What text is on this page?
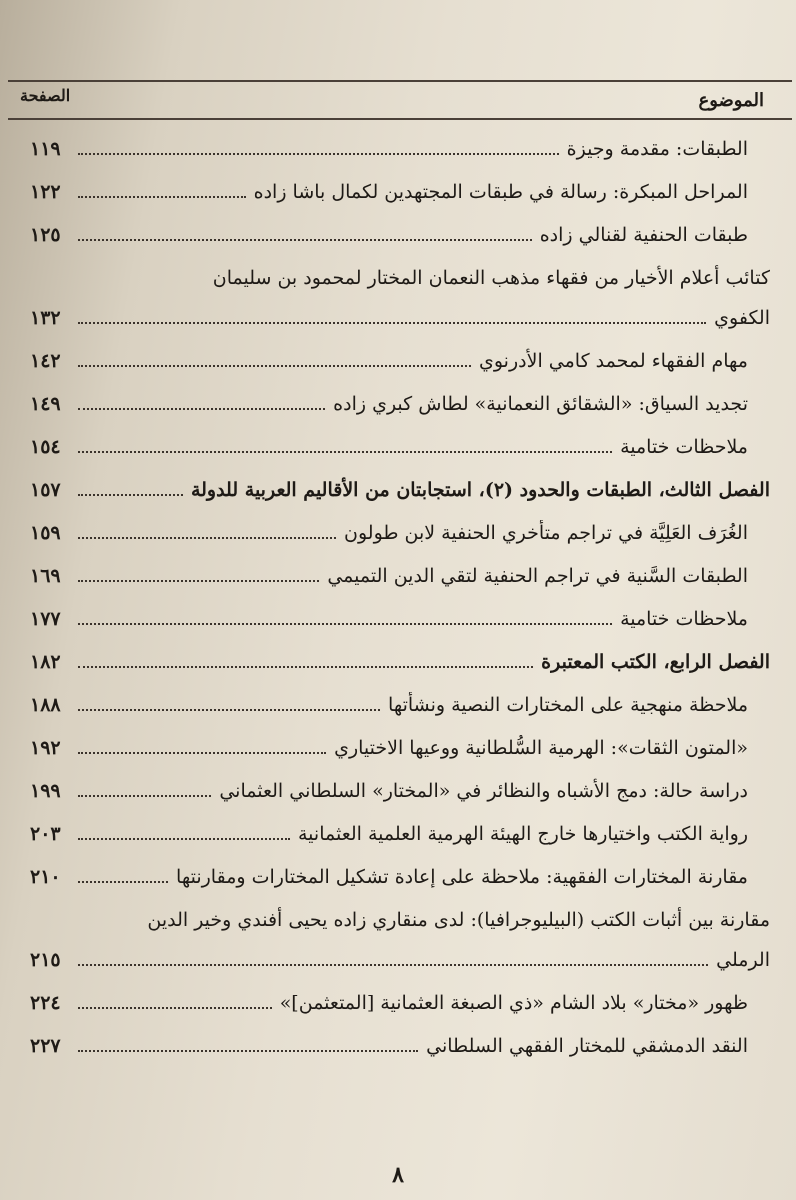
الموضوع
الصفحة
الطبقات: مقدمة وجيزة
١١٩
المراحل المبكرة: رسالة في طبقات المجتهدين لكمال باشا زاده
١٢٢
طبقات الحنفية لقنالي زاده
١٢٥
كتائب أعلام الأخيار من فقهاء مذهب النعمان المختار لمحمود بن سليمان
الكفوي
١٣٢
مهام الفقهاء لمحمد كامي الأدرنوي
١٤٢
تجديد السياق: «الشقائق النعمانية» لطاش كبري زاده
١٤٩
ملاحظات ختامية
١٥٤
الفصل الثالث، الطبقات والحدود (٢)، استجابتان من الأقاليم العربية للدولة
١٥٧
الغُرَف العَلِيَّة في تراجم متأخري الحنفية لابن طولون
١٥٩
الطبقات السَّنية في تراجم الحنفية لتقي الدين التميمي
١٦٩
ملاحظات ختامية
١٧٧
الفصل الرابع، الكتب المعتبرة
١٨٢
ملاحظة منهجية على المختارات النصية ونشأتها
١٨٨
«المتون الثقات»: الهرمية السُّلطانية ووعيها الاختياري
١٩٢
دراسة حالة: دمج الأشباه والنظائر في «المختار» السلطاني العثماني
١٩٩
رواية الكتب واختيارها خارج الهيئة الهرمية العلمية العثمانية
٢٠٣
مقارنة المختارات الفقهية: ملاحظة على إعادة تشكيل المختارات ومقارنتها
٢١٠
مقارنة بين أثبات الكتب (البيليوجرافيا): لدى منقاري زاده يحيى أفندي وخير الدين
الرملي
٢١٥
ظهور «مختار» بلاد الشام «ذي الصبغة العثمانية [المتعثمن]»
٢٢٤
النقد الدمشقي للمختار الفقهي السلطاني
٢٢٧
٨
